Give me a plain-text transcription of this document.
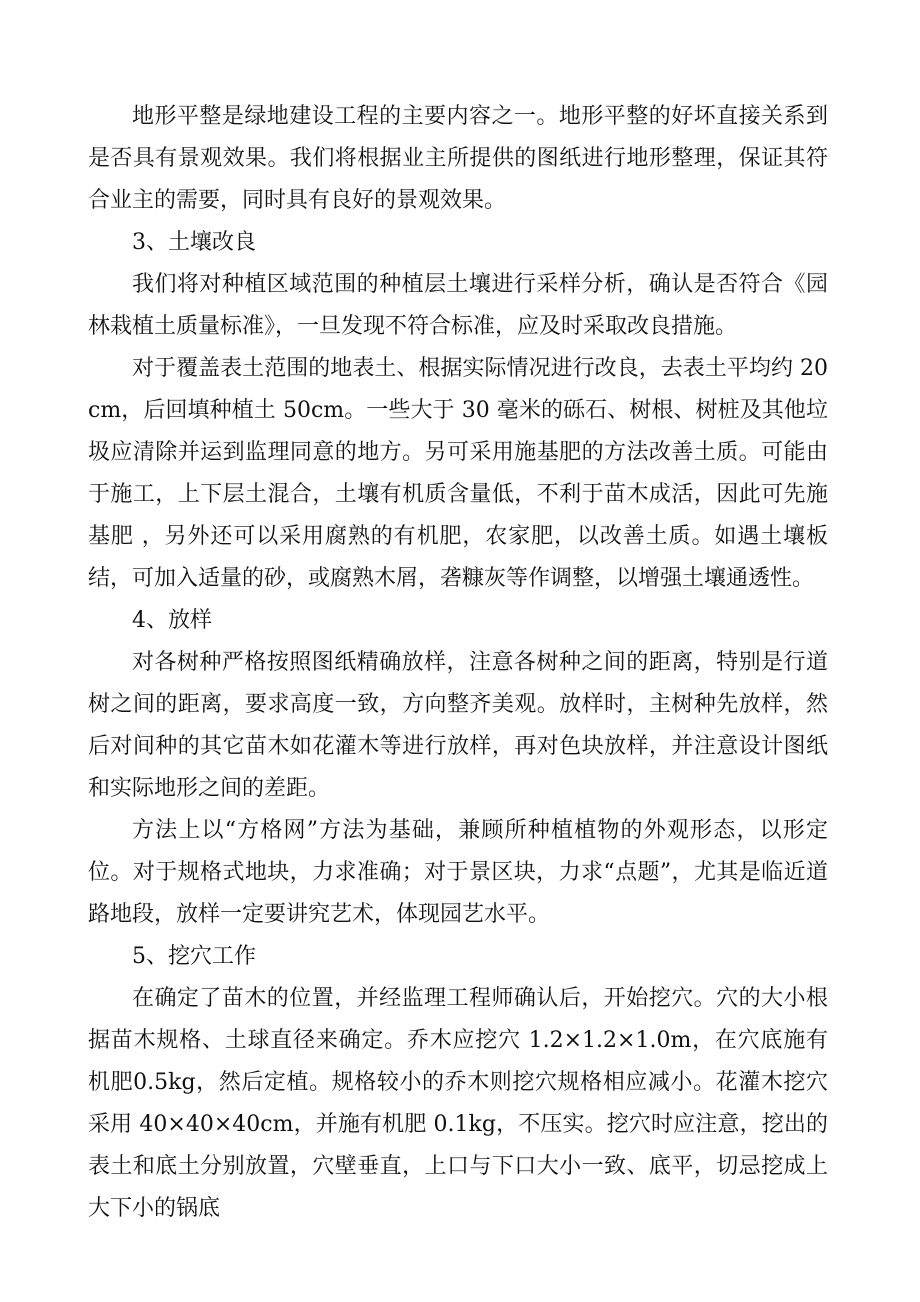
地形平整是绿地建设工程的主要内容之一。地形平整的好坏直接关系到是否具有景观效果。我们将根据业主所提供的图纸进行地形整理，保证其符合业主的需要，同时具有良好的景观效果。

3、土壤改良

我们将对种植区域范围的种植层土壤进行采样分析，确认是否符合《园林栽植土质量标准》，一旦发现不符合标准，应及时采取改良措施。

对于覆盖表土范围的地表土、根据实际情况进行改良，去表土平均约 20cm，后回填种植土 50cm。一些大于 30 毫米的砾石、树根、树桩及其他垃圾应清除并运到监理同意的地方。另可采用施基肥的方法改善土质。可能由于施工，上下层土混合，土壤有机质含量低，不利于苗木成活，因此可先施基肥 ，另外还可以采用腐熟的有机肥，农家肥，以改善土质。如遇土壤板结，可加入适量的砂，或腐熟木屑，砻糠灰等作调整，以增强土壤通透性。

4、放样

对各树种严格按照图纸精确放样，注意各树种之间的距离，特别是行道树之间的距离，要求高度一致，方向整齐美观。放样时，主树种先放样，然后对间种的其它苗木如花灌木等进行放样，再对色块放样，并注意设计图纸和实际地形之间的差距。

方法上以“方格网”方法为基础，兼顾所种植植物的外观形态，以形定位。对于规格式地块，力求准确；对于景区块，力求“点题”，尤其是临近道路地段，放样一定要讲究艺术，体现园艺水平。

5、挖穴工作

在确定了苗木的位置，并经监理工程师确认后，开始挖穴。穴的大小根据苗木规格、土球直径来确定。乔木应挖穴 1.2×1.2×1.0m，在穴底施有机肥0.5kg，然后定植。规格较小的乔木则挖穴规格相应减小。花灌木挖穴采用 40×40×40cm，并施有机肥 0.1kg，不压实。挖穴时应注意，挖出的表土和底土分别放置，穴壁垂直，上口与下口大小一致、底平，切忌挖成上大下小的锅底
